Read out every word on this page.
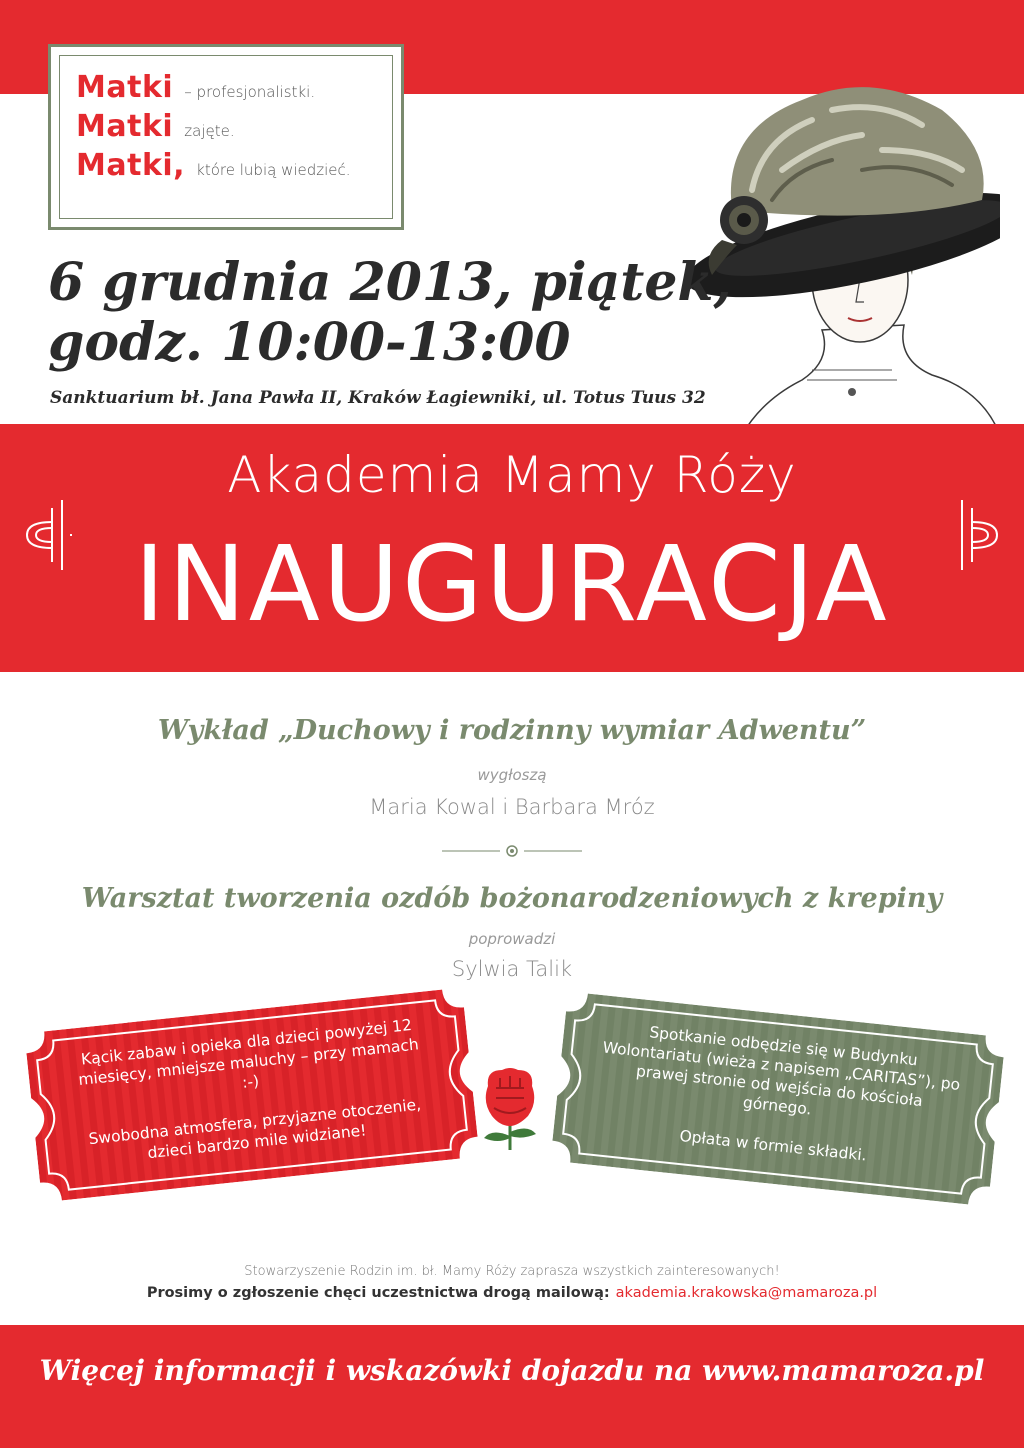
Matki – profesjonalistki.
Matki zajęte.
Matki, które lubią wiedzieć.
6 grudnia 2013, piątek,
godz. 10:00-13:00
Sanktuarium bł. Jana Pawła II, Kraków Łagiewniki, ul. Totus Tuus 32
Akademia Mamy Róży
INAUGURACJA
Wykład „Duchowy i rodzinny wymiar Adwentu”
wygłoszą
Maria Kowal i Barbara Mróz
Warsztat tworzenia ozdób bożonarodzeniowych z krepiny
poprowadzi
Sylwia Talik

Kącik zabaw i opieka dla dzieci powyżej 12 miesięcy, mniejsze maluchy – przy mamach :-)

Swobodna atmosfera, przyjazne otoczenie, dzieci bardzo mile widziane!

Spotkanie odbędzie się w Budynku Wolontariatu (wieża z napisem „CARITAS”), po prawej stronie od wejścia do kościoła górnego.

Opłata w formie składki.

Stowarzyszenie Rodzin im. bł. Mamy Róży zaprasza wszystkich zainteresowanych!
Prosimy o zgłoszenie chęci uczestnictwa drogą mailową: akademia.krakowska@mamaroza.pl
Więcej informacji i wskazówki dojazdu na www.mamaroza.pl
